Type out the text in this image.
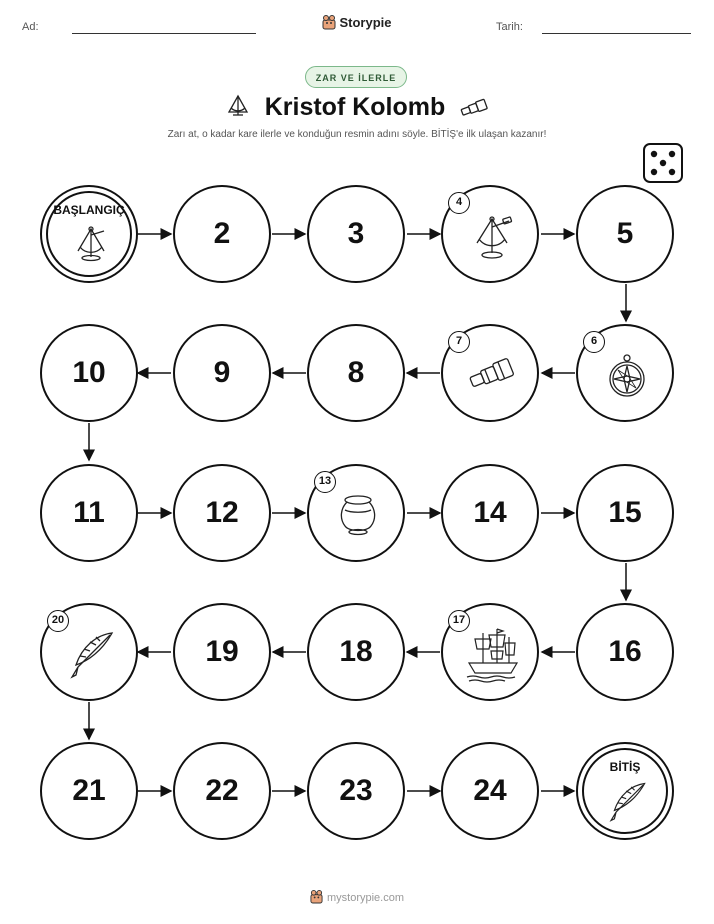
Ad:	Storypie	Tarih:
ZAR VE İLERLE
Kristof Kolomb
Zarı at, o kadar kare ilerle ve konduğun resmin adını söyle. BİTİŞ'e ilk ulaşan kazanır!
BAŞLANGIÇ
2	3
4
5
10	9	8
7	6
11	12
13
14	15
20
19	18
17
16
21	22	23	24
BİTİŞ
mystorypie.com
